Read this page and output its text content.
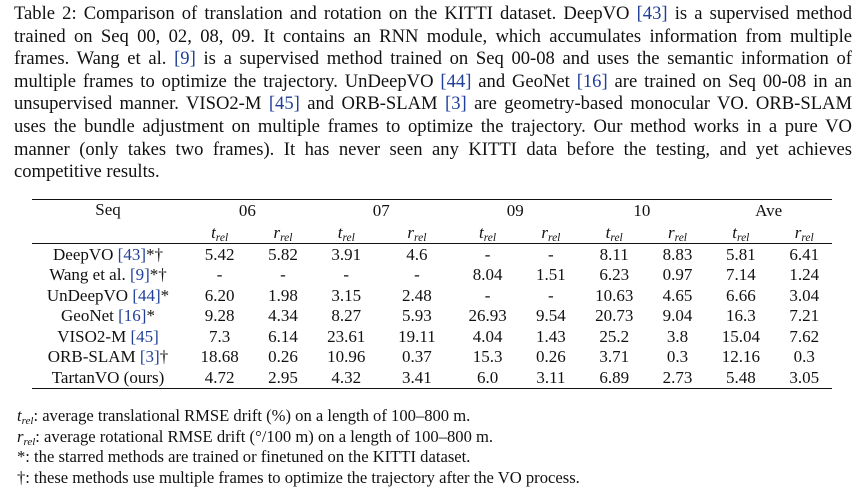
Table 2: Comparison of translation and rotation on the KITTI dataset. DeepVO [43] is a supervised method trained on Seq 00, 02, 08, 09. It contains an RNN module, which accumulates information from multiple frames. Wang et al. [9] is a supervised method trained on Seq 00-08 and uses the semantic information of multiple frames to optimize the trajectory. UnDeepVO [44] and GeoNet [16] are trained on Seq 00-08 in an unsupervised manner. VISO2-M [45] and ORB-SLAM [3] are geometry-based monocular VO. ORB-SLAM uses the bundle adjustment on multiple frames to optimize the trajectory. Our method works in a pure VO manner (only takes two frames). It has never seen any KITTI data before the testing, and yet achieves competitive results.

Seq	06		07		09		10		Ave	
	$t_{rel}$	$r_{rel}$	$t_{rel}$	$r_{rel}$	$t_{rel}$	$r_{rel}$	$t_{rel}$	$r_{rel}$	$t_{rel}$	$r_{rel}$
DeepVO [43]*†	5.42	5.82	3.91	4.6	-	-	8.11	8.83	5.81	6.41
Wang et al. [9]*†	-	-	-	-	8.04	1.51	6.23	0.97	7.14	1.24
UnDeepVO [44]*	6.20	1.98	3.15	2.48	-	-	10.63	4.65	6.66	3.04
GeoNet [16]*	9.28	4.34	8.27	5.93	26.93	9.54	20.73	9.04	16.3	7.21
VISO2-M [45]	7.3	6.14	23.61	19.11	4.04	1.43	25.2	3.8	15.04	7.62
ORB-SLAM [3]†	18.68	0.26	10.96	0.37	15.3	0.26	3.71	0.3	12.16	0.3
TartanVO (ours)	4.72	2.95	4.32	3.41	6.0	3.11	6.89	2.73	5.48	3.05
$t_{rel}$: average translational RMSE drift (%) on a length of 100–800 m.
$r_{rel}$: average rotational RMSE drift (°/100 m) on a length of 100–800 m.
*: the starred methods are trained or finetuned on the KITTI dataset.
†: these methods use multiple frames to optimize the trajectory after the VO process.
